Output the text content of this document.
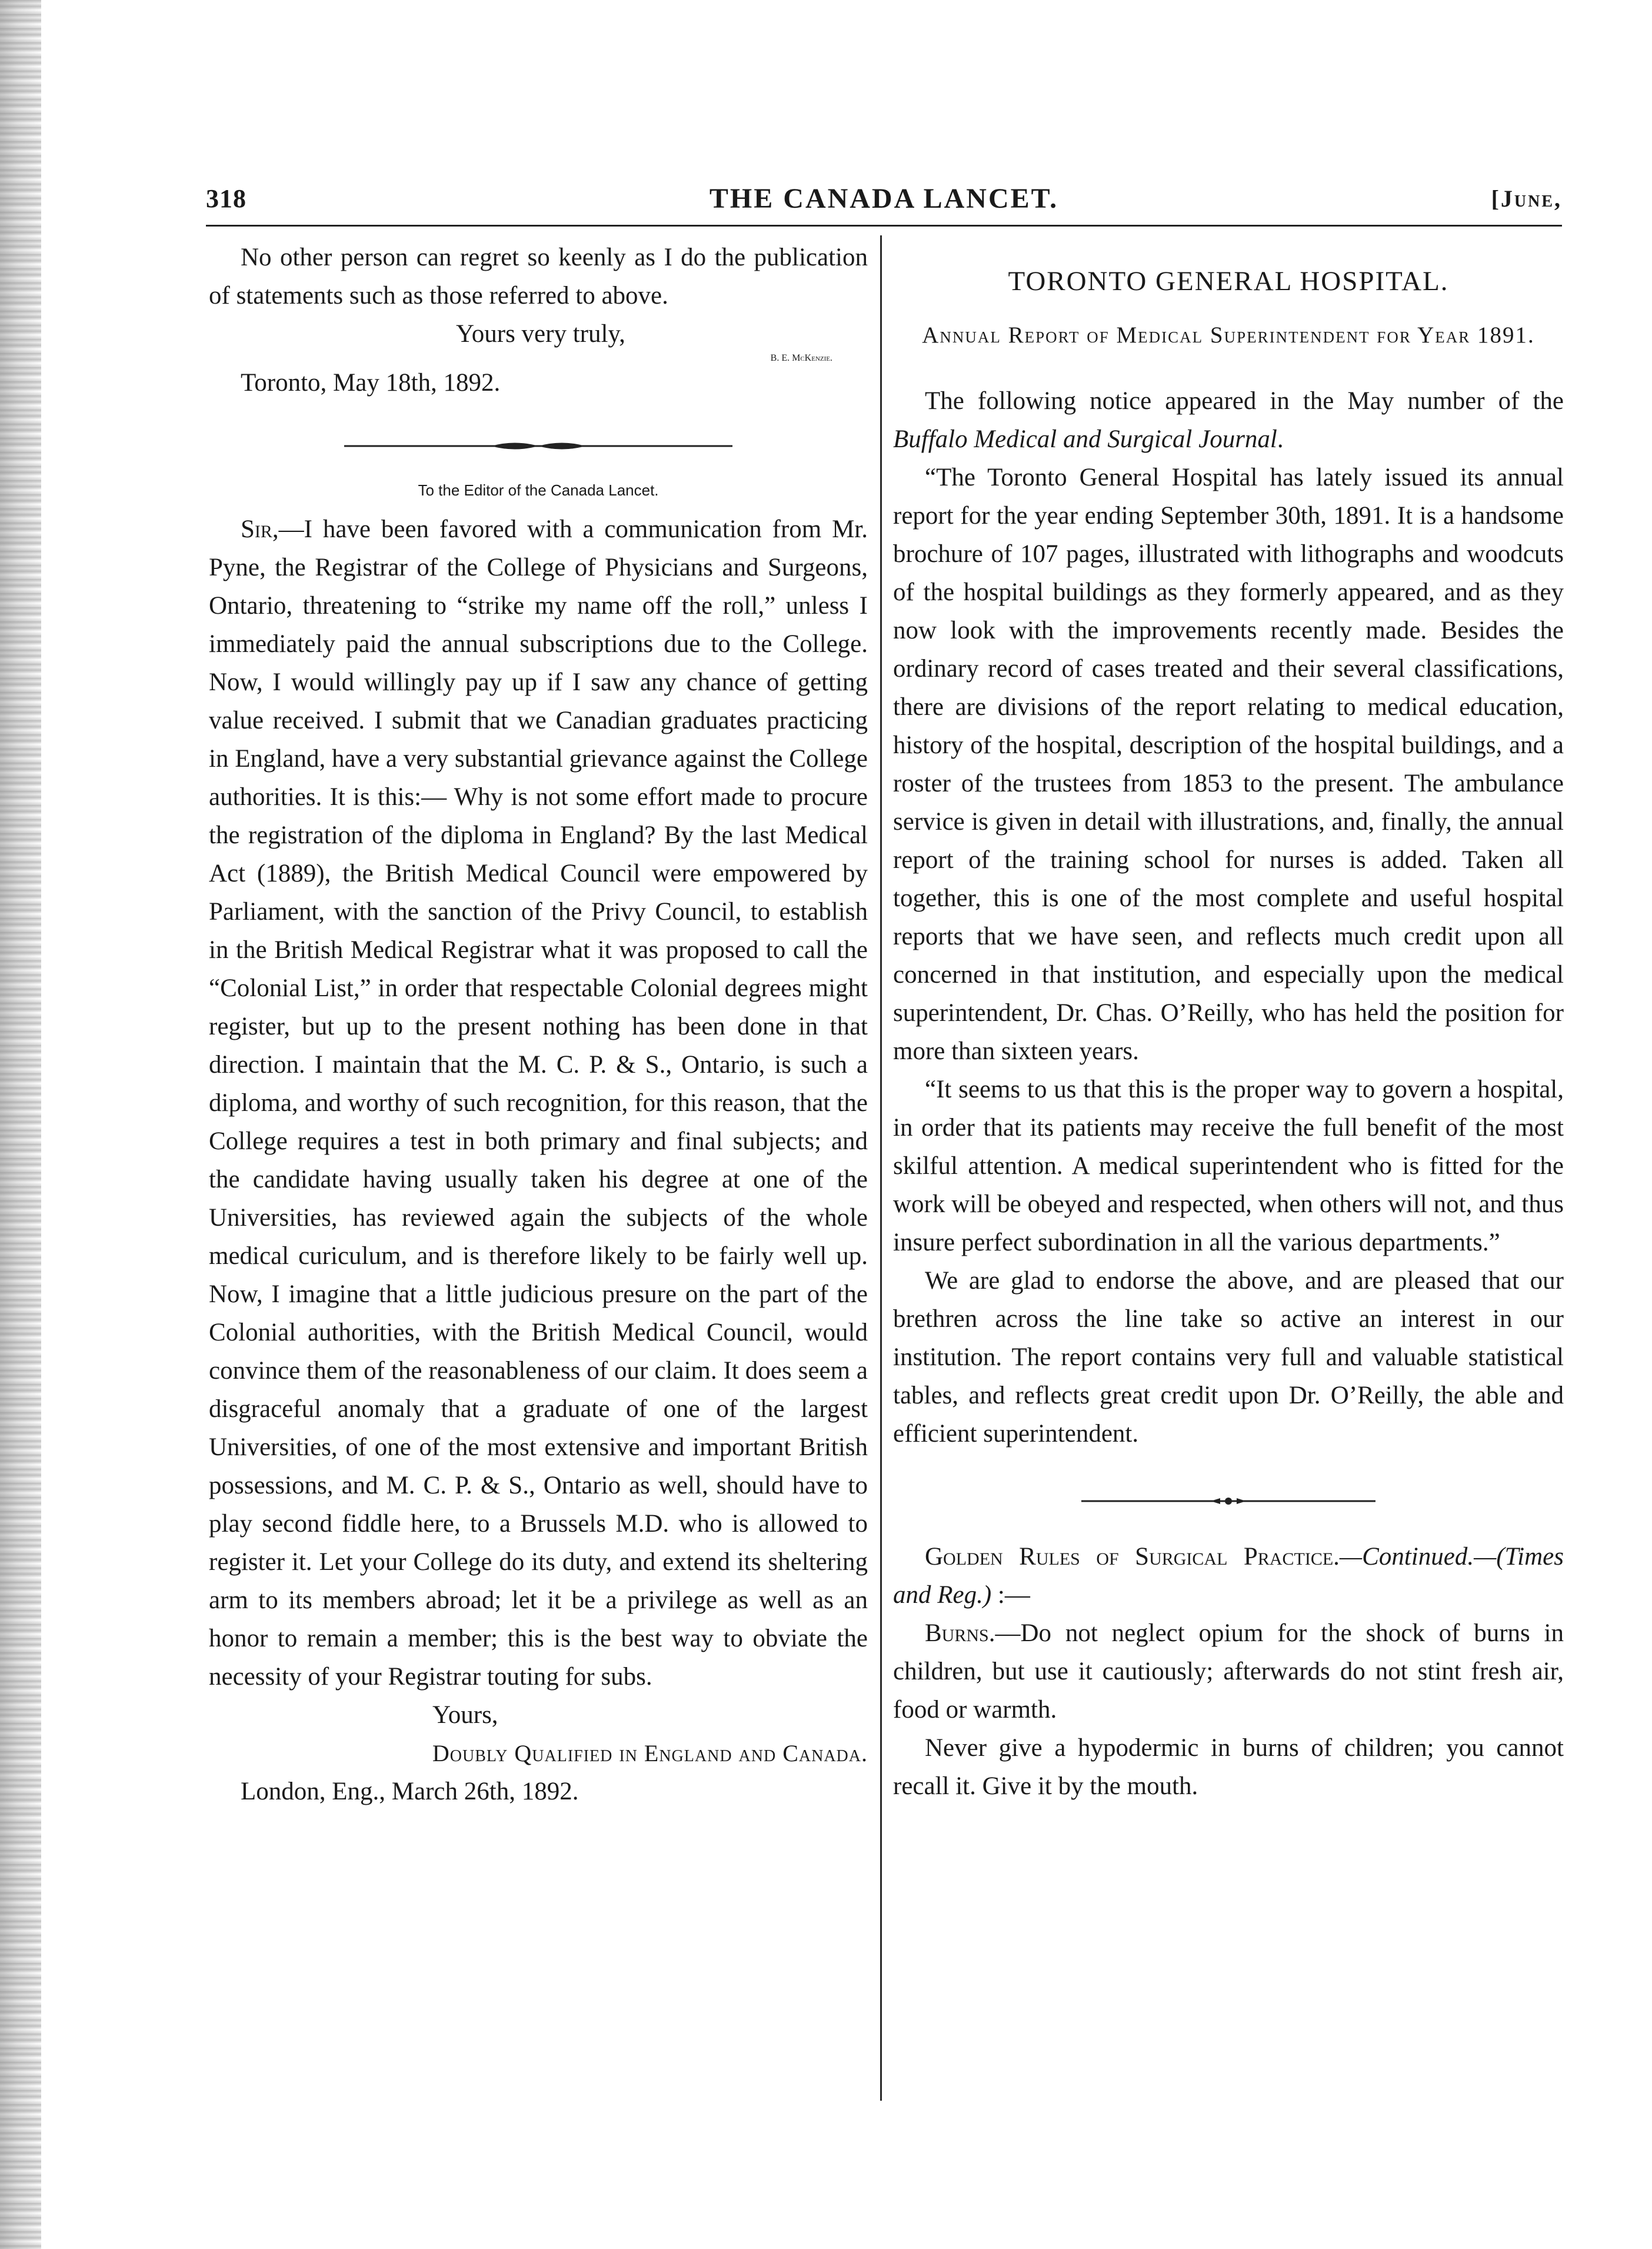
318	THE CANADA LANCET.	[June,

No other person can regret so keenly as I do the publication of statements such as those referred to above.

Yours very truly,
B. E. McKenzie.

Toronto, May 18th, 1892.

To the Editor of the Canada Lancet.

Sir,—I have been favored with a communication from Mr. Pyne, the Registrar of the College of Physicians and Surgeons, Ontario, threatening to “strike my name off the roll,” unless I immediately paid the annual subscriptions due to the College. Now, I would willingly pay up if I saw any chance of getting value received. I submit that we Canadian graduates practicing in England, have a very substantial grievance against the College authorities. It is this:— Why is not some effort made to procure the registration of the diploma in England? By the last Medical Act (1889), the British Medical Council were empowered by Parliament, with the sanction of the Privy Council, to establish in the British Medical Registrar what it was proposed to call the “Colonial List,” in order that respectable Colonial degrees might register, but up to the present nothing has been done in that direction. I maintain that the M. C. P. & S., Ontario, is such a diploma, and worthy of such recognition, for this reason, that the College requires a test in both primary and final subjects; and the candidate having usually taken his degree at one of the Universities, has reviewed again the subjects of the whole medical curiculum, and is therefore likely to be fairly well up. Now, I imagine that a little judicious presure on the part of the Colonial authorities, with the British Medical Council, would convince them of the reasonableness of our claim. It does seem a disgraceful anomaly that a graduate of one of the largest Universities, of one of the most extensive and important British possessions, and M. C. P. & S., Ontario as well, should have to play second fiddle here, to a Brussels M.D. who is allowed to register it. Let your College do its duty, and extend its sheltering arm to its members abroad; let it be a privilege as well as an honor to remain a member; this is the best way to obviate the necessity of your Registrar touting for subs.

Yours,

Doubly Qualified in England and Canada.

London, Eng., March 26th, 1892.

TORONTO GENERAL HOSPITAL.
Annual Report of Medical Superintendent for Year 1891.

The following notice appeared in the May number of the Buffalo Medical and Surgical Journal.

“The Toronto General Hospital has lately issued its annual report for the year ending September 30th, 1891. It is a handsome brochure of 107 pages, illustrated with lithographs and woodcuts of the hospital buildings as they formerly appeared, and as they now look with the improvements recently made. Besides the ordinary record of cases treated and their several classifications, there are divisions of the report relating to medical education, history of the hospital, description of the hospital buildings, and a roster of the trustees from 1853 to the present. The ambulance service is given in detail with illustrations, and, finally, the annual report of the training school for nurses is added. Taken all together, this is one of the most complete and useful hospital reports that we have seen, and reflects much credit upon all concerned in that institution, and especially upon the medical superintendent, Dr. Chas. O’Reilly, who has held the position for more than sixteen years.

“It seems to us that this is the proper way to govern a hospital, in order that its patients may receive the full benefit of the most skilful attention. A medical superintendent who is fitted for the work will be obeyed and respected, when others will not, and thus insure perfect subordination in all the various departments.”

We are glad to endorse the above, and are pleased that our brethren across the line take so active an interest in our institution. The report contains very full and valuable statistical tables, and reflects great credit upon Dr. O’Reilly, the able and efficient superintendent.

Golden Rules of Surgical Practice.—Continued.—(Times and Reg.) :—

Burns.—Do not neglect opium for the shock of burns in children, but use it cautiously; afterwards do not stint fresh air, food or warmth.

Never give a hypodermic in burns of children; you cannot recall it. Give it by the mouth.
